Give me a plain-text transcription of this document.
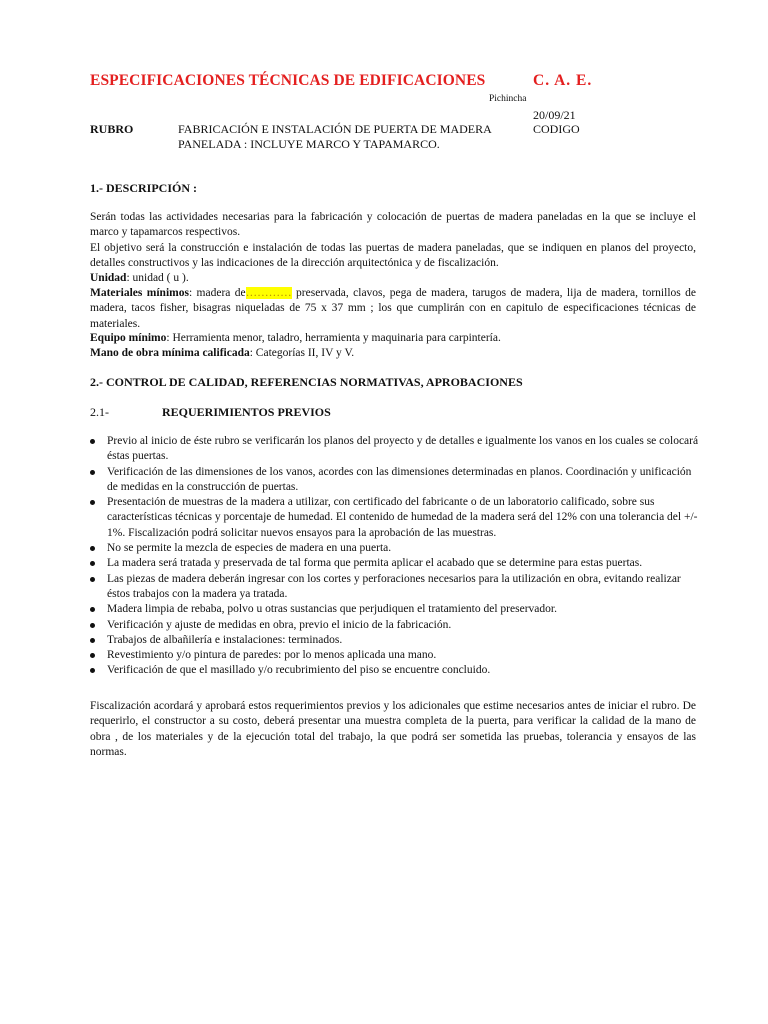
ESPECIFICACIONES TÉCNICAS DE EDIFICACIONES	C. A. E.
Pichincha
20/09/21
RUBRO	FABRICACIÓN E INSTALACIÓN DE PUERTA DE MADERA PANELADA : INCLUYE MARCO Y TAPAMARCO.
CODIGO
1.- DESCRIPCIÓN :
Serán todas las actividades necesarias para la fabricación y colocación de puertas de madera paneladas en la que se incluye el marco y tapamarcos respectivos.
El objetivo será la construcción e instalación de todas las puertas de madera paneladas, que se indiquen en planos del proyecto, detalles constructivos y las indicaciones de la dirección arquitectónica y de fiscalización.
Unidad: unidad ( u ).
Materiales mínimos: madera de………… preservada, clavos, pega de madera, tarugos de madera, lija de madera, tornillos de madera, tacos fisher, bisagras niqueladas de 75 x 37 mm ; los que cumplirán con en capitulo de especificaciones técnicas de materiales.
Equipo mínimo: Herramienta menor, taladro, herramienta y maquinaria para carpintería.
Mano de obra mínima calificada: Categorías II, IV y V.
2.- CONTROL DE CALIDAD, REFERENCIAS NORMATIVAS, APROBACIONES
2.1-	REQUERIMIENTOS PREVIOS
Previo al inicio de éste rubro se verificarán los planos del proyecto y de detalles e igualmente los vanos en los cuales se colocará éstas puertas.
Verificación de las dimensiones de los vanos, acordes con las dimensiones determinadas en planos. Coordinación y unificación de medidas en la construcción de puertas.
Presentación de muestras de la madera a utilizar, con certificado del fabricante o de un laboratorio calificado, sobre sus características técnicas y porcentaje de humedad. El contenido de humedad de la madera será del 12% con una tolerancia del +/- 1%. Fiscalización podrá solicitar nuevos ensayos para la aprobación de las muestras.
No se permite la mezcla de especies de madera en una puerta.
La madera será tratada y preservada de tal forma que permita aplicar el acabado que se determine para estas puertas.
Las piezas de madera deberán ingresar con los cortes y perforaciones necesarios para la utilización en obra, evitando realizar éstos trabajos con la madera ya tratada.
Madera limpia de rebaba, polvo u otras sustancias que perjudiquen el tratamiento del preservador.
Verificación y ajuste de medidas en obra, previo el inicio de la fabricación.
Trabajos de albañilería e instalaciones: terminados.
Revestimiento y/o pintura de paredes: por lo menos aplicada una mano.
Verificación de que el masillado y/o recubrimiento del piso se encuentre concluido.
Fiscalización acordará y aprobará estos requerimientos previos y los adicionales que estime necesarios antes de iniciar el rubro. De requerirlo, el constructor a su costo, deberá presentar una muestra completa de la puerta, para verificar la calidad de la mano de obra , de los materiales y de la ejecución total del trabajo, la que podrá ser sometida las pruebas, tolerancia y ensayos de las normas.
